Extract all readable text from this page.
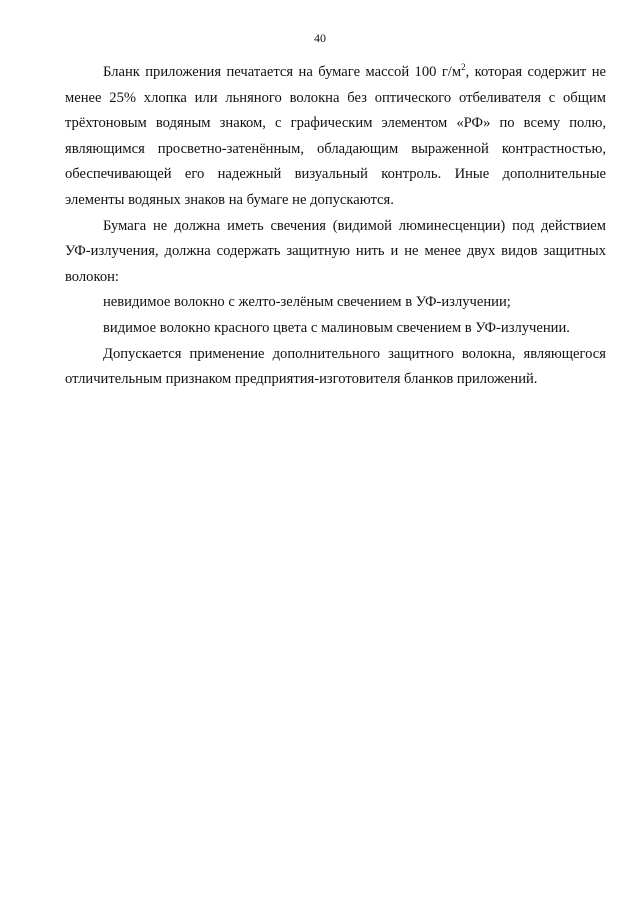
40

Бланк приложения печатается на бумаге массой 100 $г/м^2$, которая содержит не менее 25% хлопка или льняного волокна без оптического отбеливателя с общим трёхтоновым водяным знаком, с графическим элементом «РФ» по всему полю, являющимся просветно-затенённым, обладающим выраженной контрастностью, обеспечивающей его надежный визуальный контроль. Иные дополнительные элементы водяных знаков на бумаге не допускаются.

Бумага не должна иметь свечения (видимой люминесценции) под действием УФ-излучения, должна содержать защитную нить и не менее двух видов защитных волокон:

невидимое волокно с желто-зелёным свечением в УФ-излучении;

видимое волокно красного цвета с малиновым свечением в УФ-излучении.

Допускается применение дополнительного защитного волокна, являющегося отличительным признаком предприятия-изготовителя бланков приложений.
